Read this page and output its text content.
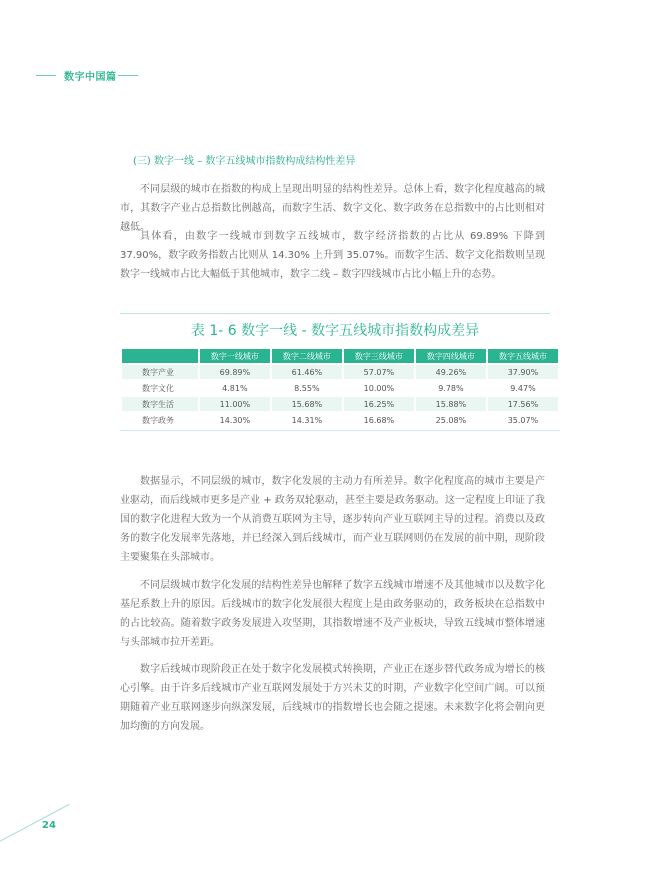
数字中国篇
(三) 数字一线 – 数字五线城市指数构成结构性差异

不同层级的城市在指数的构成上呈现出明显的结构性差异。总体上看，数字化程度越高的城市，其数字产业占总指数比例越高，而数字生活、数字文化、数字政务在总指数中的占比则相对越低。

具体看，由数字一线城市到数字五线城市，数字经济指数的占比从 69.89% 下降到 37.90%，数字政务指数占比则从 14.30% 上升到 35.07%。而数字生活、数字文化指数则呈现数字一线城市占比大幅低于其他城市，数字二线 – 数字四线城市占比小幅上升的态势。

表 1- 6 数字一线 - 数字五线城市指数构成差异
	数字一线城市	数字二线城市	数字三线城市	数字四线城市	数字五线城市
数字产业	69.89%	61.46%	57.07%	49.26%	37.90%
数字文化	4.81%	8.55%	10.00%	9.78%	9.47%
数字生活	11.00%	15.68%	16.25%	15.88%	17.56%
数字政务	14.30%	14.31%	16.68%	25.08%	35.07%

数据显示，不同层级的城市，数字化发展的主动力有所差异。数字化程度高的城市主要是产业驱动，而后线城市更多是产业 + 政务双轮驱动，甚至主要是政务驱动。这一定程度上印证了我国的数字化进程大致为一个从消费互联网为主导，逐步转向产业互联网主导的过程。消费以及政务的数字化发展率先落地，并已经深入到后线城市，而产业互联网则仍在发展的前中期，现阶段主要聚集在头部城市。

不同层级城市数字化发展的结构性差异也解释了数字五线城市增速不及其他城市以及数字化基尼系数上升的原因。后线城市的数字化发展很大程度上是由政务驱动的，政务板块在总指数中的占比较高。随着数字政务发展进入攻坚期，其指数增速不及产业板块，导致五线城市整体增速与头部城市拉开差距。

数字后线城市现阶段正在处于数字化发展模式转换期，产业正在逐步替代政务成为增长的核心引擎。由于许多后线城市产业互联网发展处于方兴未艾的时期，产业数字化空间广阔。可以预期随着产业互联网逐步向纵深发展，后线城市的指数增长也会随之提速。未来数字化将会朝向更加均衡的方向发展。

24
